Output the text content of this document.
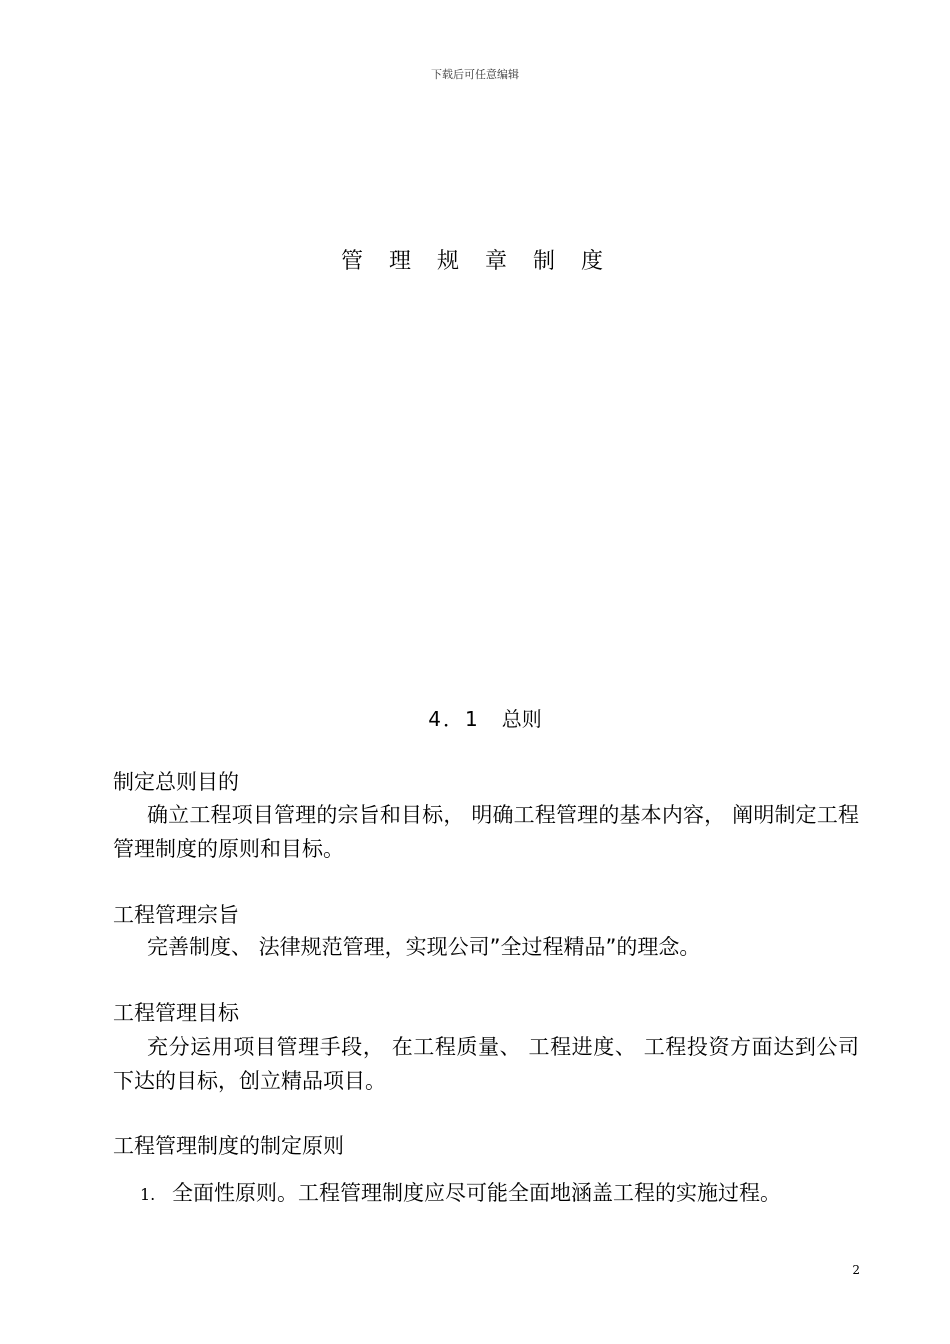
下载后可任意编辑
管理规章制度
4．1 总则
制定总则目的
确立工程项目管理的宗旨和目标， 明确工程管理的基本内容， 阐明制定工程管理制度的原则和目标。
工程管理宗旨
完善制度、 法律规范管理，实现公司”全过程精品”的理念。
工程管理目标
充分运用项目管理手段， 在工程质量、 工程进度、 工程投资方面达到公司下达的目标，创立精品项目。
工程管理制度的制定原则
1. 全面性原则。工程管理制度应尽可能全面地涵盖工程的实施过程。
2
